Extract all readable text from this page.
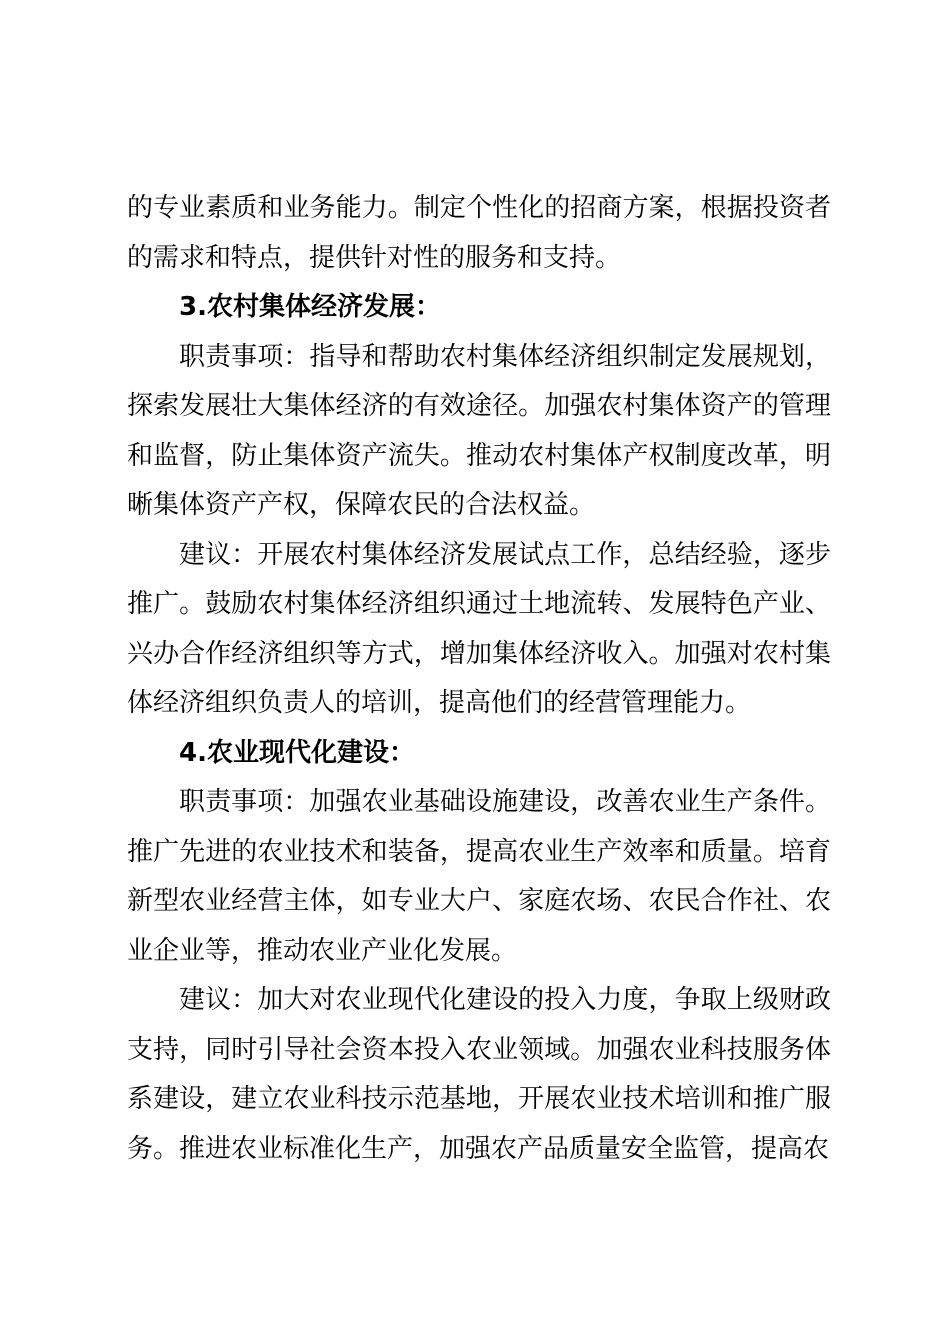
的专业素质和业务能力。制定个性化的招商方案，根据投资者的需求和特点，提供针对性的服务和支持。

3.农村集体经济发展：

职责事项：指导和帮助农村集体经济组织制定发展规划，探索发展壮大集体经济的有效途径。加强农村集体资产的管理和监督，防止集体资产流失。推动农村集体产权制度改革，明晰集体资产产权，保障农民的合法权益。

建议：开展农村集体经济发展试点工作，总结经验，逐步推广。鼓励农村集体经济组织通过土地流转、发展特色产业、兴办合作经济组织等方式，增加集体经济收入。加强对农村集体经济组织负责人的培训，提高他们的经营管理能力。

4.农业现代化建设：

职责事项：加强农业基础设施建设，改善农业生产条件。推广先进的农业技术和装备，提高农业生产效率和质量。培育新型农业经营主体，如专业大户、家庭农场、农民合作社、农业企业等，推动农业产业化发展。

建议：加大对农业现代化建设的投入力度，争取上级财政支持，同时引导社会资本投入农业领域。加强农业科技服务体系建设，建立农业科技示范基地，开展农业技术培训和推广服务。推进农业标准化生产，加强农产品质量安全监管，提高农
